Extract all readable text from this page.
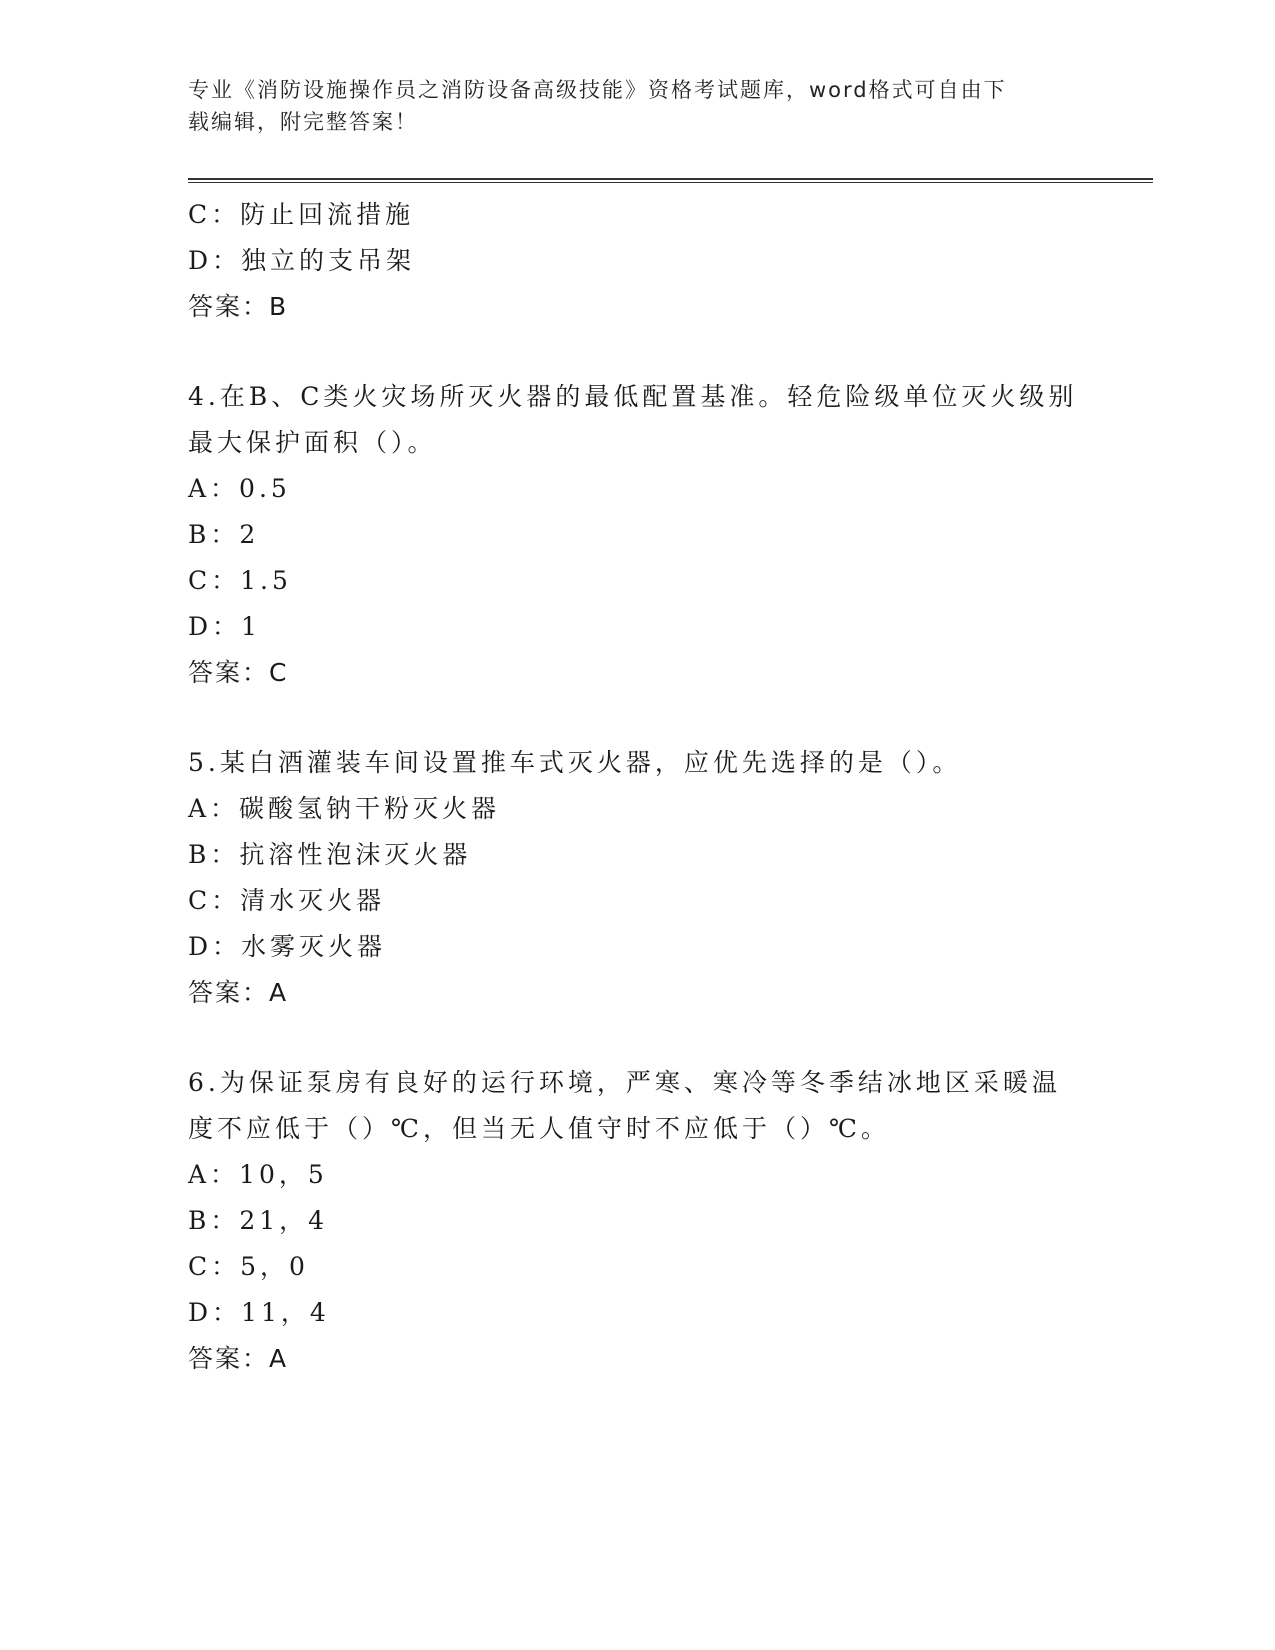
专业《消防设施操作员之消防设备高级技能》资格考试题库，word格式可自由下
载编辑，附完整答案！
C：防止回流措施
D：独立的支吊架
答案：B
4.在B、C类火灾场所灭火器的最低配置基准。轻危险级单位灭火级别
最大保护面积（）。
A：0.5
B：2
C：1.5
D：1
答案：C
5.某白酒灌装车间设置推车式灭火器，应优先选择的是（）。
A：碳酸氢钠干粉灭火器
B：抗溶性泡沫灭火器
C：清水灭火器
D：水雾灭火器
答案：A
6.为保证泵房有良好的运行环境，严寒、寒冷等冬季结冰地区采暖温
度不应低于（）℃，但当无人值守时不应低于（）℃。
A：10，5
B：21，4
C：5，0
D：11，4
答案：A
